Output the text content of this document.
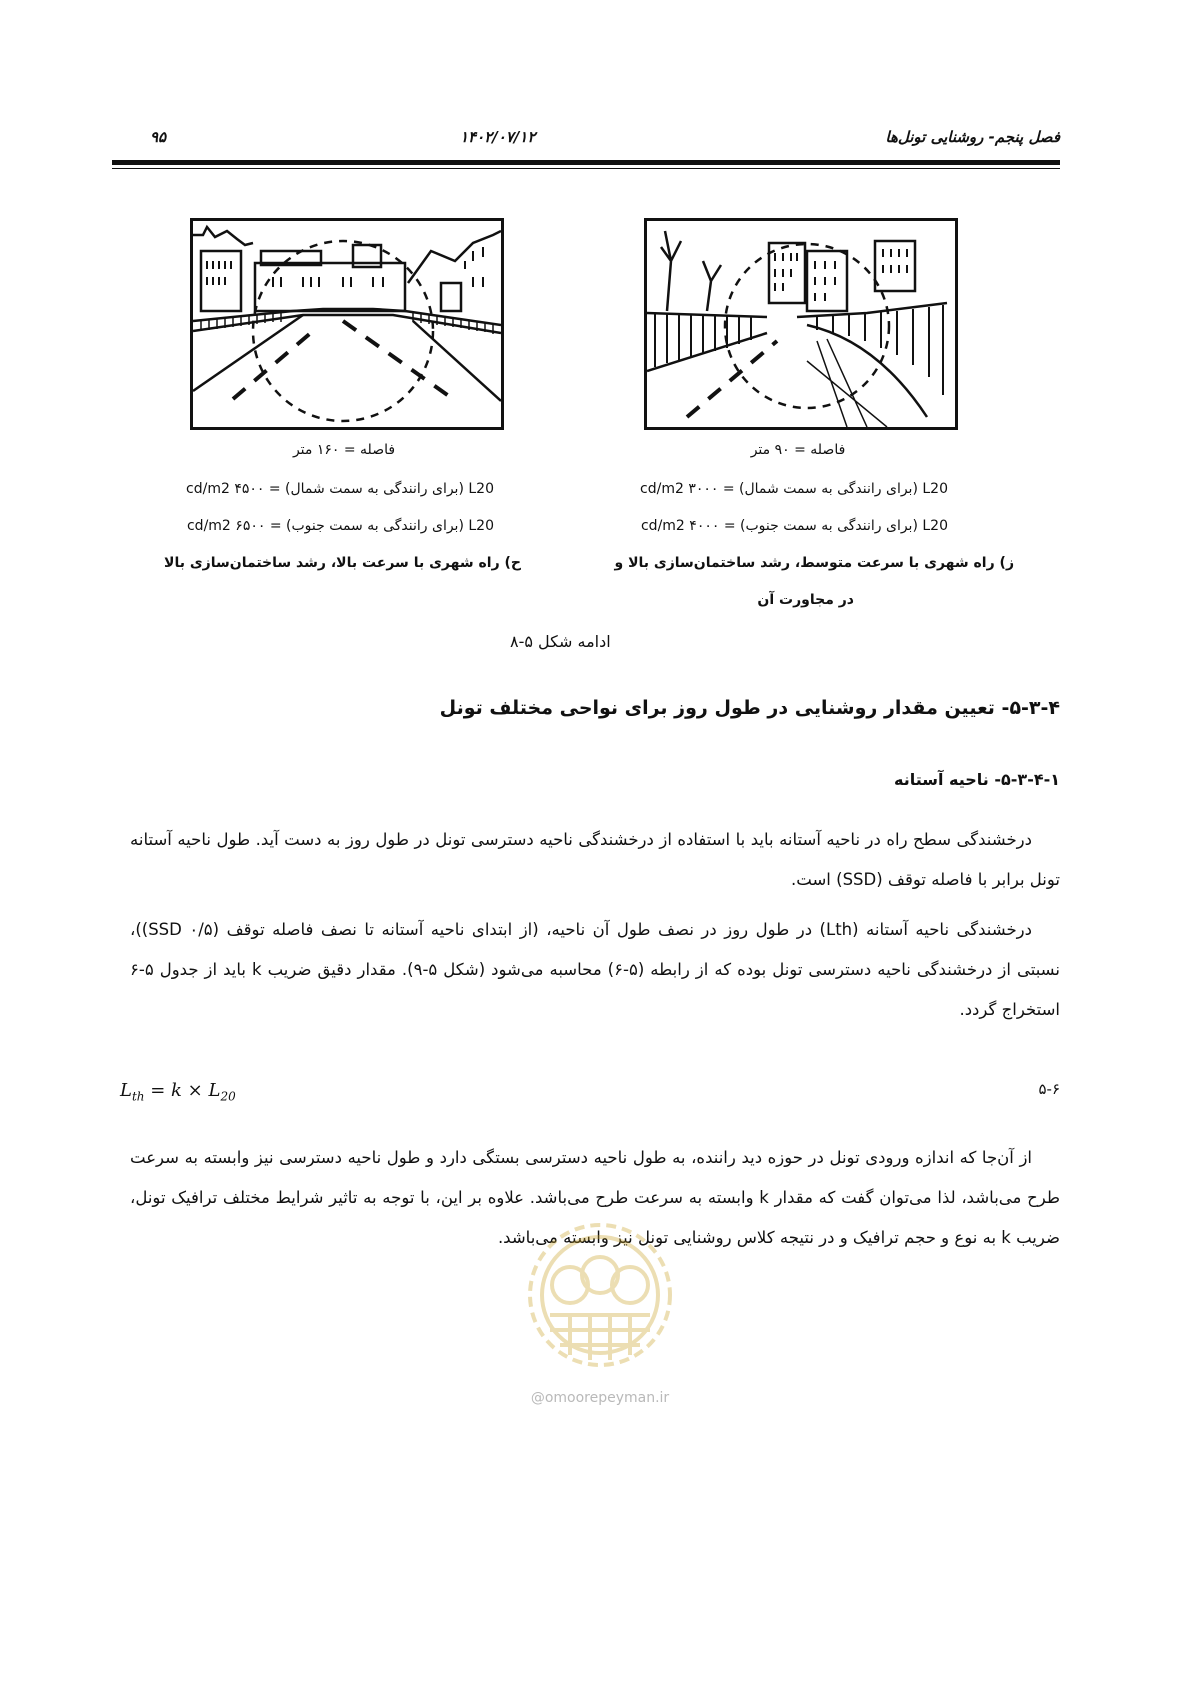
فصل پنجم- روشنایی تونل‌ها
۱۴۰۲/۰۷/۱۲
۹۵
فاصله = ۱۶۰ متر
L20 (برای رانندگی به سمت شمال) = ۴۵۰۰ cd/m2
L20 (برای رانندگی به سمت جنوب) = ۶۵۰۰ cd/m2
ح) راه شهری با سرعت بالا، رشد ساختمان‌سازی بالا
فاصله = ۹۰ متر
L20 (برای رانندگی به سمت شمال) = ۳۰۰۰ cd/m2
L20 (برای رانندگی به سمت جنوب) = ۴۰۰۰ cd/m2
ز) راه شهری با سرعت متوسط، رشد ساختمان‌سازی بالا و
در مجاورت آن
ادامه شکل ۵-۸
۵-۳-۴- تعیین مقدار روشنایی در طول روز برای نواحی مختلف تونل
۵-۳-۴-۱- ناحیه آستانه
درخشندگی سطح راه در ناحیه آستانه باید با استفاده از درخشندگی ناحیه دسترسی تونل در طول روز به دست آید. طول ناحیه آستانه تونل برابر با فاصله توقف (SSD) است.
درخشندگی ناحیه آستانه (Lth) در طول روز در نصف طول آن ناحیه، (از ابتدای ناحیه آستانه تا نصف فاصله توقف (۰/۵ SSD))، نسبتی از درخشندگی ناحیه دسترسی تونل بوده که از رابطه (۵-۶) محاسبه می‌شود (شکل ۵-۹). مقدار دقیق ضریب k باید از جدول ۵-۶ استخراج گردد.
$L_{th} = k \times L_{20}$	۵-۶
از آن‌جا که اندازه ورودی تونل در حوزه دید راننده، به طول ناحیه دسترسی بستگی دارد و طول ناحیه دسترسی نیز وابسته به سرعت طرح می‌باشد، لذا می‌توان گفت که مقدار k وابسته به سرعت طرح می‌باشد. علاوه بر این، با توجه به تاثیر شرایط مختلف ترافیک تونل، ضریب k به نوع و حجم ترافیک و در نتیجه کلاس روشنایی تونل نیز وابسته می‌باشد.
@omoorepeyman.ir
